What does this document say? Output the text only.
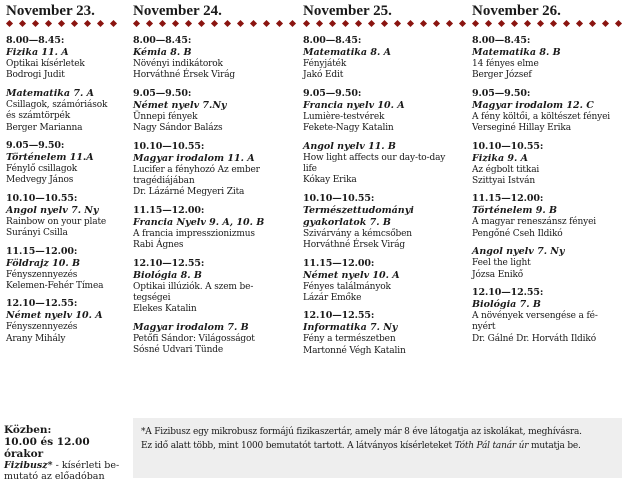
November 23.
8.00—8.45:
Fizika 11. A
Optikai kísérletek
Bodrogi Judit
Matematika 7. A
Csillagok, számóriások
és számtörpék
Berger Marianna
9.05—9.50:
Történelem 11.A
Fénylő csillagok
Medvegy János
10.10—10.55:
Angol nyelv 7. Ny
Rainbow on your plate
Surányi Csilla
11.15—12.00:
Földrajz 10. B
Fényszennyezés
Kelemen-Fehér Tímea
12.10—12.55:
Német nyelv 10. A
Fényszennyezés
Arany Mihály
November 24.
8.00—8.45:
Kémia 8. B
Növényi indikátorok
Horváthné Érsek Virág
9.05—9.50:
Német nyelv 7.Ny
Ünnepi fények
Nagy Sándor Balázs
10.10—10.55:
Magyar irodalom 11. A
Lucifer a fényhozó Az ember
tragédiájában
Dr. Lázárné Megyeri Zita
11.15—12.00:
Francia Nyelv 9. A, 10. B
A francia impresszionizmus
Rabi Ágnes
12.10—12.55:
Biológia 8. B
Optikai illúziók. A szem be-
tegségei
Elekes Katalin
Magyar irodalom 7. B
Petőfi Sándor: Világosságot
Sósné Udvari Tünde
November 25.
8.00—8.45:
Matematika 8. A
Fényjáték
Jakó Edit
9.05—9.50:
Francia nyelv 10. A
Lumière-testvérek
Fekete-Nagy Katalin
Angol nyelv 11. B
How light affects our day-to-day
life
Kókay Erika
10.10—10.55:
Természettudományi gyakorlatok 7. B
Szivárvány a kémcsőben
Horváthné Érsek Virág
11.15—12.00:
Német nyelv 10. A
Fényes találmányok
Lázár Emőke
12.10—12.55:
Informatika 7. Ny
Fény a természetben
Martonné Végh Katalin
November 26.
8.00—8.45:
Matematika 8. B
14 fényes elme
Berger József
9.05—9.50:
Magyar irodalom 12. C
A fény költői, a költészet fényei
Verseginé Hillay Erika
10.10—10.55:
Fizika 9. A
Az égbolt titkai
Szittyai István
11.15—12.00:
Történelem 9. B
A magyar reneszánsz fényei
Pengőné Cseh Ildikó
Angol nyelv 7. Ny
Feel the light
Józsa Enikő
12.10—12.55:
Biológia 7. B
A növények versengése a fé-
nyért
Dr. Gálné Dr. Horváth Ildikó
Közben:
10.00 és 12.00 órakor
Fizibusz* - kísérleti be-
mutató az előadóban

*A Fizibusz egy mikrobusz formájú fizikaszertár, amely már 8 éve látogatja az iskolákat, meghívásra.
Ez idő alatt több, mint 1000 bemutatót tartott. A látványos kísérleteket Tóth Pál tanár úr mutatja be.
